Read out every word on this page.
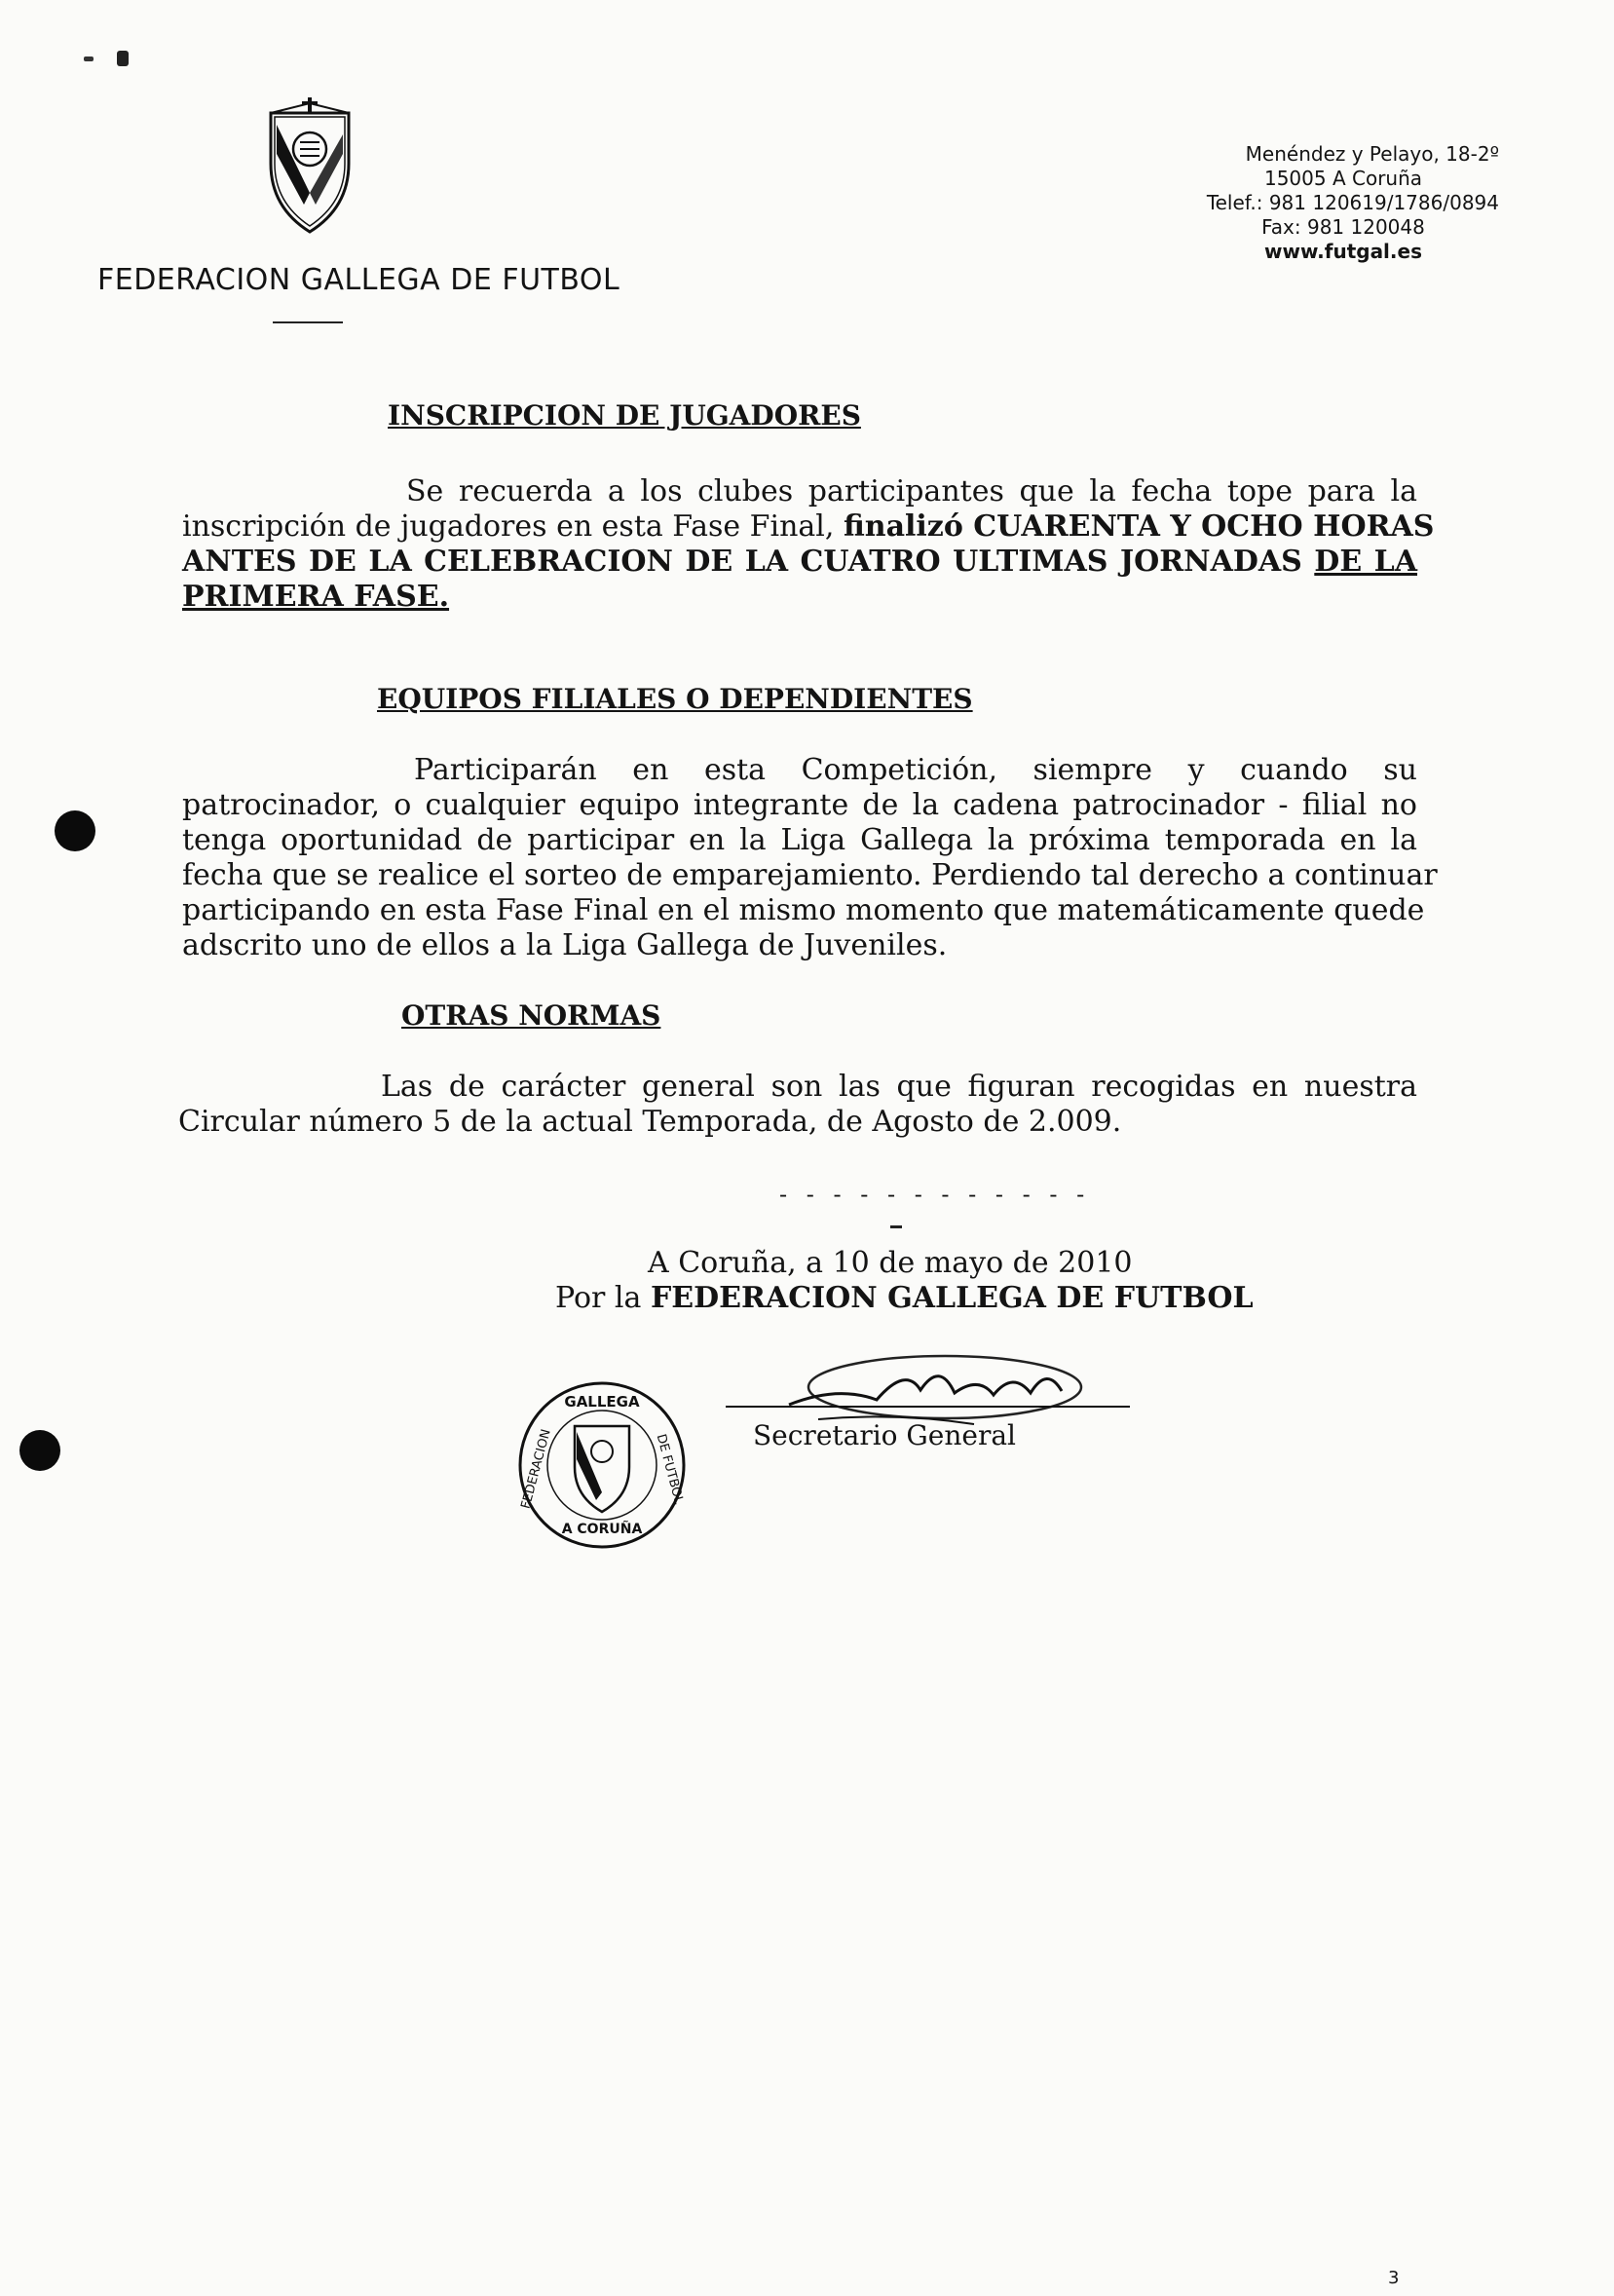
FEDERACION GALLEGA DE FUTBOL
Menéndez y Pelayo, 18-2º
15005 A Coruña
Telef.: 981 120619/1786/0894
Fax: 981 120048
www.futgal.es
INSCRIPCION DE JUGADORES
Se recuerda a los clubes participantes que la fecha tope para la
inscripción de jugadores en esta Fase Final, finalizó CUARENTA Y OCHO HORAS
ANTES DE LA CELEBRACION DE LA CUATRO ULTIMAS JORNADAS DE LA
PRIMERA FASE.
EQUIPOS FILIALES O DEPENDIENTES
Participarán en esta Competición, siempre y cuando su
patrocinador, o cualquier equipo integrante de la cadena patrocinador - filial no
tenga oportunidad de participar en la Liga Gallega la próxima temporada en la
fecha que se realice el sorteo de emparejamiento. Perdiendo tal derecho a continuar
participando en esta Fase Final en el mismo momento que matemáticamente quede
adscrito uno de ellos a la Liga Gallega de Juveniles.
OTRAS NORMAS
Las de carácter general son las que figuran recogidas en nuestra
Circular número 5 de la actual Temporada, de Agosto de 2.009.
- - - - - - - - - - - -
A Coruña, a 10 de mayo de 2010
Por la FEDERACION GALLEGA DE FUTBOL
Secretario General
GALLEGA
FEDERACION	DE FUTBOL
A CORUÑA
3
